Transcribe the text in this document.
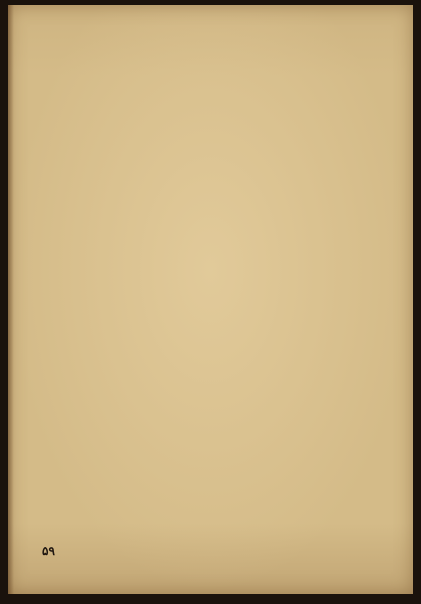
۵۹
